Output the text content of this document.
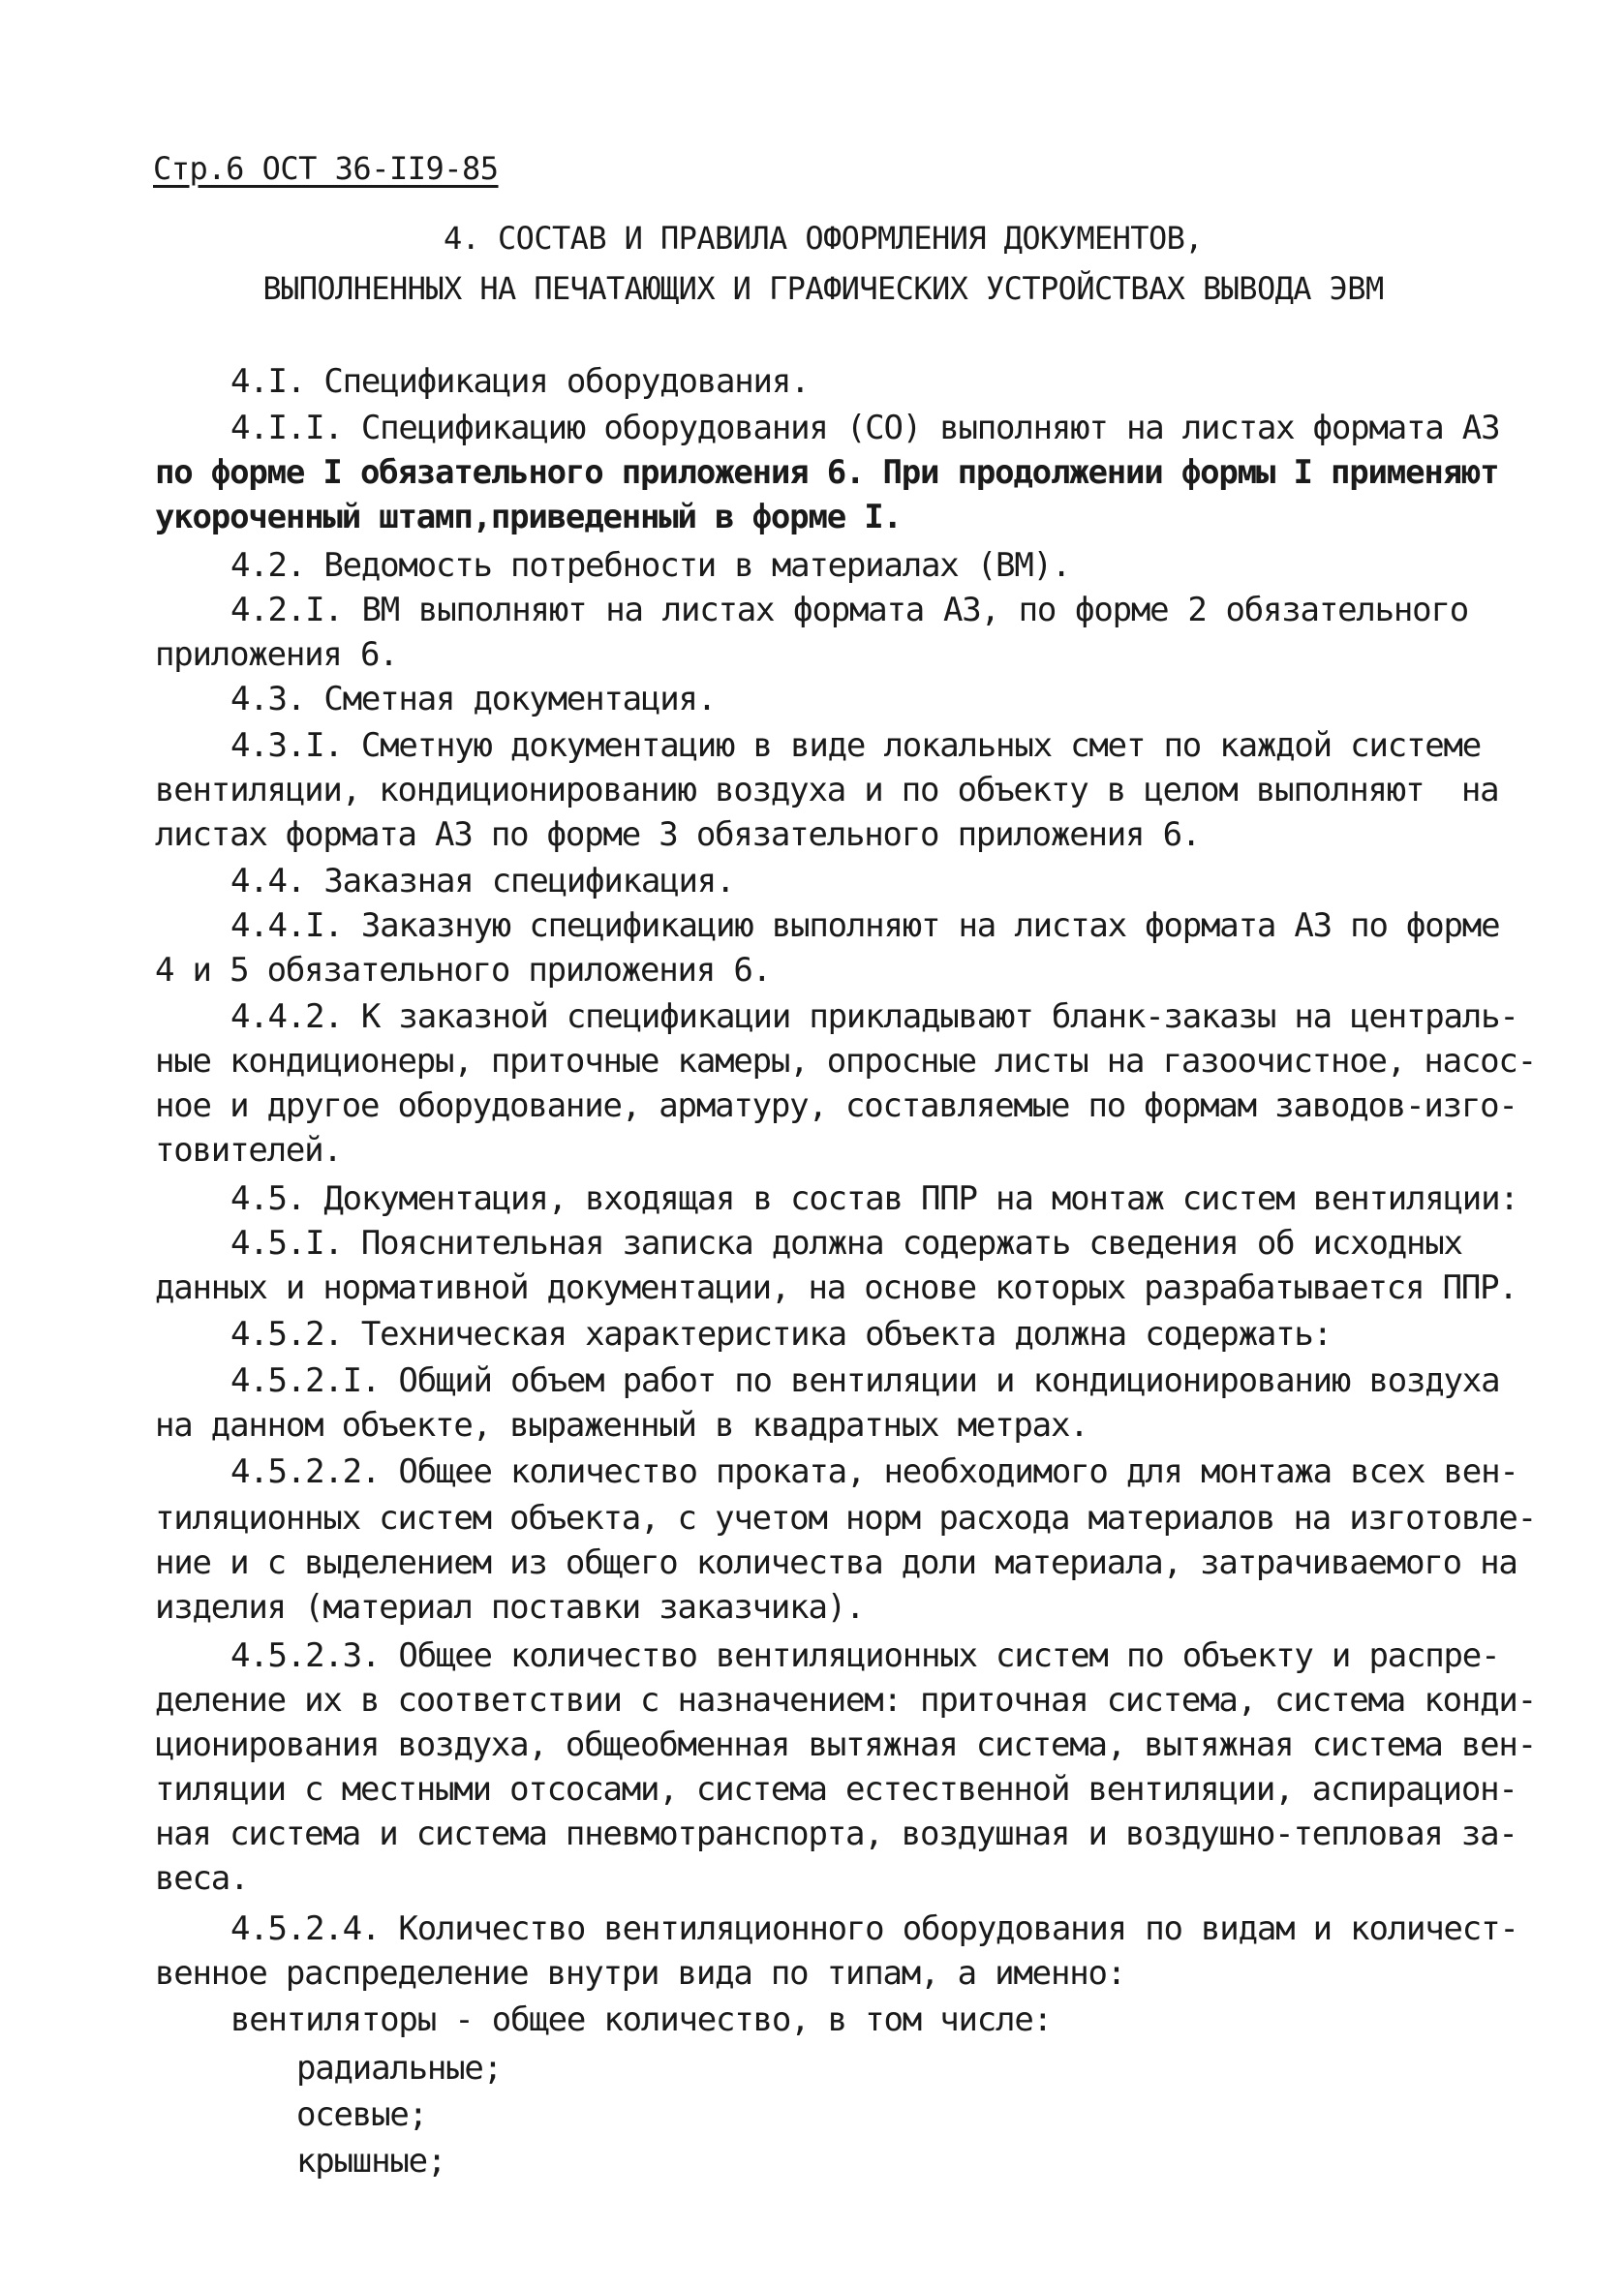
Стр.6 ОСТ 36-II9-85
4. СОСТАВ И ПРАВИЛА ОФОРМЛЕНИЯ ДОКУМЕНТОВ,
ВЫПОЛНЕННЫХ НА ПЕЧАТАЮЩИХ И ГРАФИЧЕСКИХ УСТРОЙСТВАХ ВЫВОДА ЭВМ
4.I. Спецификация оборудования.
4.I.I. Спецификацию оборудования (СО) выполняют на листах формата А3
по форме I обязательного приложения 6. При продолжении формы I применяют
укороченный штамп,приведенный в форме I.
4.2. Ведомость потребности в материалах (ВМ).
4.2.I. ВМ выполняют на листах формата А3, по форме 2 обязательного
приложения 6.
4.3. Сметная документация.
4.3.I. Сметную документацию в виде локальных смет по каждой системе
вентиляции, кондиционированию воздуха и по объекту в целом выполняют  на
листах формата А3 по форме 3 обязательного приложения 6.
4.4. Заказная спецификация.
4.4.I. Заказную спецификацию выполняют на листах формата А3 по форме
4 и 5 обязательного приложения 6.
4.4.2. К заказной спецификации прикладывают бланк-заказы на централь-
ные кондиционеры, приточные камеры, опросные листы на газоочистное, насос-
ное и другое оборудование, арматуру, составляемые по формам заводов-изго-
товителей.
4.5. Документация, входящая в состав ППР на монтаж систем вентиляции:
4.5.I. Пояснительная записка должна содержать сведения об исходных
данных и нормативной документации, на основе которых разрабатывается ППР.
4.5.2. Техническая характеристика объекта должна содержать:
4.5.2.I. Общий объем работ по вентиляции и кондиционированию воздуха
на данном объекте, выраженный в квадратных метрах.
4.5.2.2. Общее количество проката, необходимого для монтажа всех вен-
тиляционных систем объекта, с учетом норм расхода материалов на изготовле-
ние и с выделением из общего количества доли материала, затрачиваемого на
изделия (материал поставки заказчика).
4.5.2.3. Общее количество вентиляционных систем по объекту и распре-
деление их в соответствии с назначением: приточная система, система конди-
ционирования воздуха, общеобменная вытяжная система, вытяжная система вен-
тиляции с местными отсосами, система естественной вентиляции, аспирацион-
ная система и система пневмотранспорта, воздушная и воздушно-тепловая за-
веса.
4.5.2.4. Количество вентиляционного оборудования по видам и количест-
венное распределение внутри вида по типам, а именно:
вентиляторы - общее количество, в том числе:
радиальные;
осевые;
крышные;
